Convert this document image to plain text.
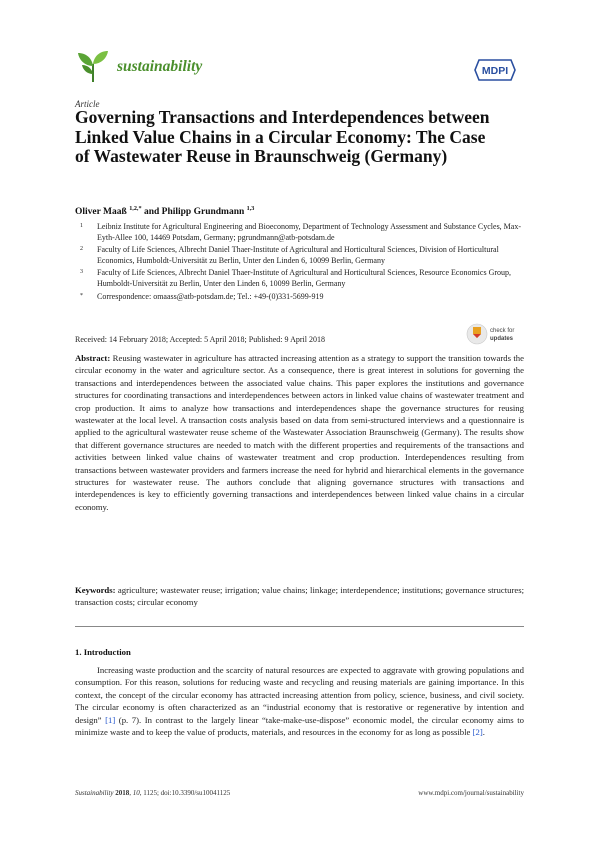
sustainability	MDPI
Article
Governing Transactions and Interdependences between Linked Value Chains in a Circular Economy: The Case of Wastewater Reuse in Braunschweig (Germany)
Oliver Maaß $^{1,2,*}$ and Philipp Grundmann $^{1,3}$
1	Leibniz Institute for Agricultural Engineering and Bioeconomy, Department of Technology Assessment and Substance Cycles, Max-Eyth-Allee 100, 14469 Potsdam, Germany; pgrundmann@atb-potsdam.de
2	Faculty of Life Sciences, Albrecht Daniel Thaer-Institute of Agricultural and Horticultural Sciences, Division of Horticultural Economics, Humboldt-Universität zu Berlin, Unter den Linden 6, 10099 Berlin, Germany
3	Faculty of Life Sciences, Albrecht Daniel Thaer-Institute of Agricultural and Horticultural Sciences, Resource Economics Group, Humboldt-Universität zu Berlin, Unter den Linden 6, 10099 Berlin, Germany
*	Correspondence: omaass@atb-potsdam.de; Tel.: +49-(0)331-5699-919
Received: 14 February 2018; Accepted: 5 April 2018; Published: 9 April 2018
check for
updates

Abstract: Reusing wastewater in agriculture has attracted increasing attention as a strategy to support the transition towards the circular economy in the water and agriculture sector. As a consequence, there is great interest in solutions for governing the transactions and interdependences between the associated value chains. This paper explores the institutions and governance structures for coordinating transactions and interdependences between actors in linked value chains of wastewater treatment and crop production. It aims to analyze how transactions and interdependences shape the governance structures for reusing wastewater at the local level. A transaction costs analysis based on data from semi-structured interviews and a questionnaire is applied to the agricultural wastewater reuse scheme of the Wastewater Association Braunschweig (Germany). The results show that different governance structures are needed to match with the different properties and requirements of the transactions and activities between linked value chains of wastewater treatment and crop production. Interdependences resulting from transactions between wastewater providers and farmers increase the need for hybrid and hierarchical elements in the governance structures for wastewater reuse. The authors conclude that aligning governance structures with transactions and interdependences is key to efficiently governing transactions and interdependences between linked value chains in a circular economy.

Keywords: agriculture; wastewater reuse; irrigation; value chains; linkage; interdependence; institutions; governance structures; transaction costs; circular economy

1. Introduction

Increasing waste production and the scarcity of natural resources are expected to aggravate with growing populations and consumption. For this reason, solutions for reducing waste and recycling and reusing materials are gaining importance. In this context, the concept of the circular economy has attracted increasing attention from policy, science, business, and civil society. The circular economy is often characterized as an “industrial economy that is restorative or regenerative by intention and design” [1] (p. 7). In contrast to the largely linear “take-make-use-dispose” economic model, the circular economy aims to minimize waste and to keep the value of products, materials, and resources in the economy for as long as possible [2].

Sustainability 2018, 10, 1125; doi:10.3390/su10041125	www.mdpi.com/journal/sustainability
